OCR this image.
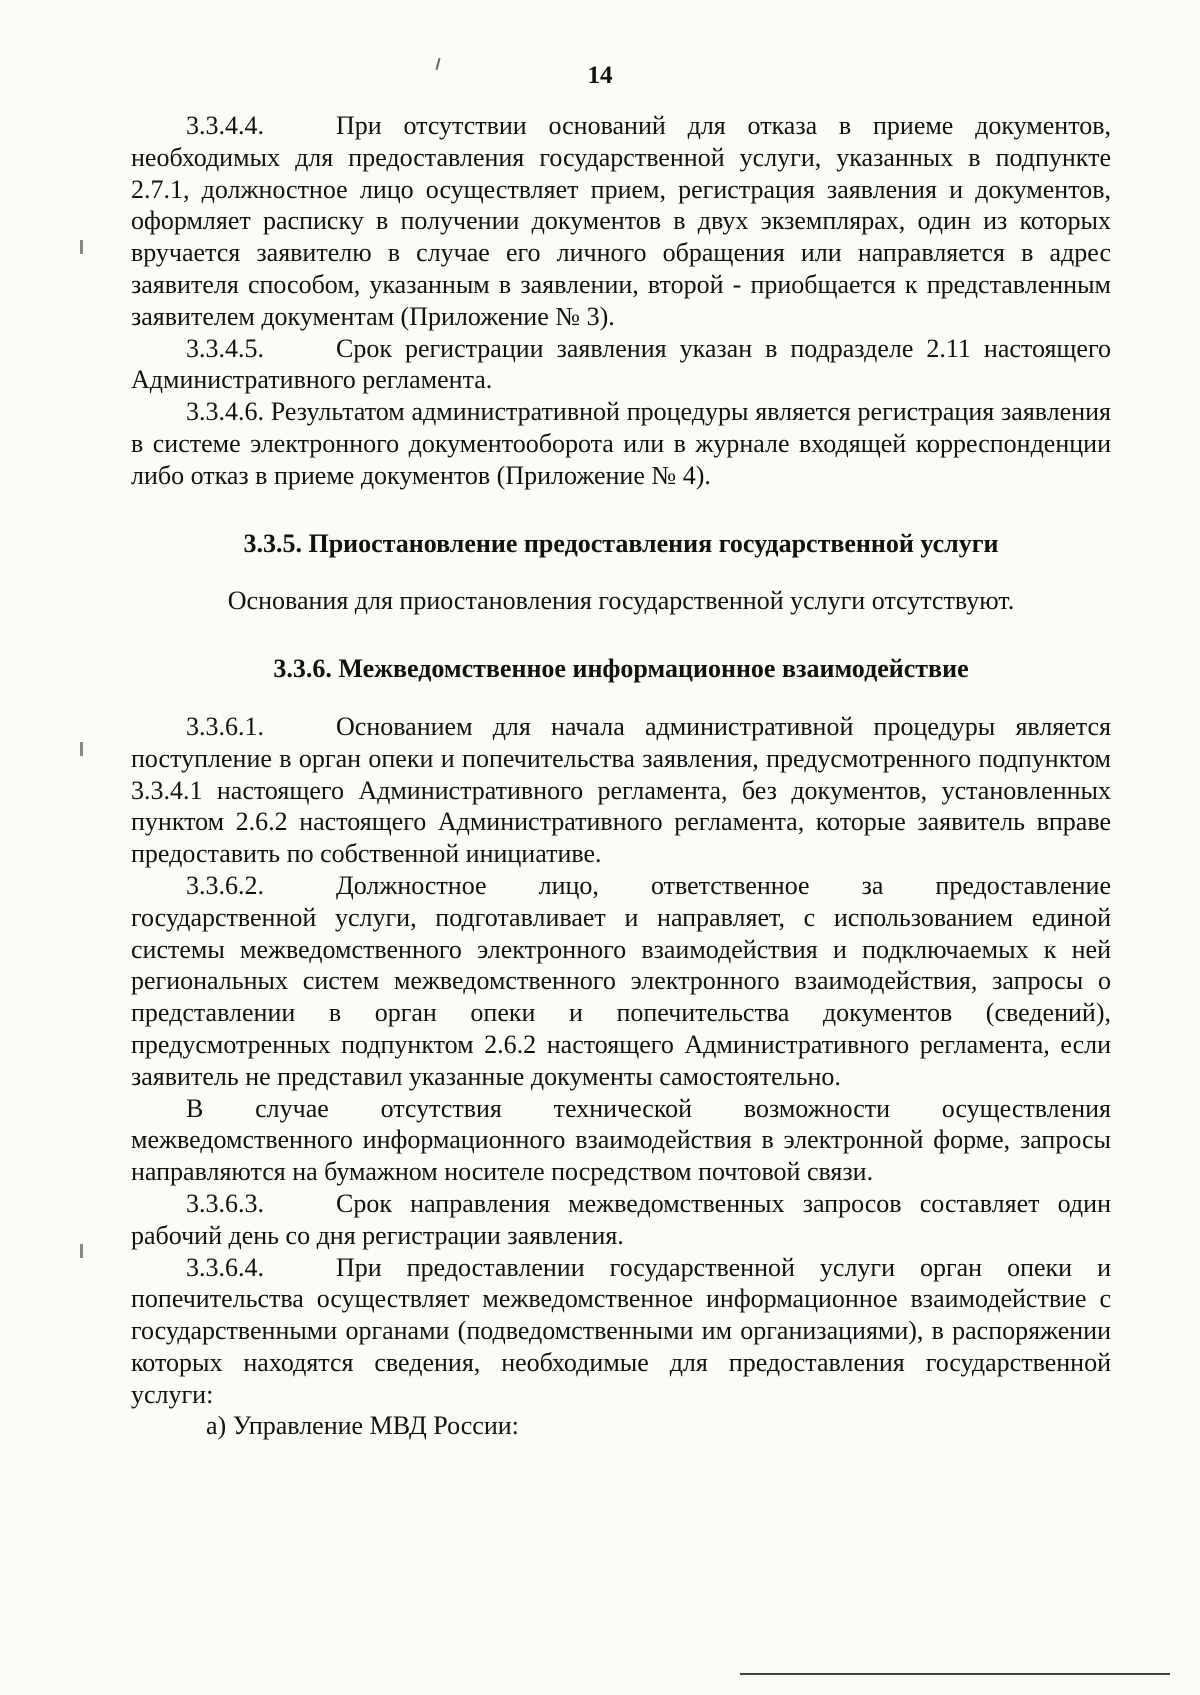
14

3.3.4.4.	При отсутствии оснований для отказа в приеме документов, необходимых для предоставления государственной услуги, указанных в подпункте 2.7.1, должностное лицо осуществляет прием, регистрация заявления и документов, оформляет расписку в получении документов в двух экземплярах, один из которых вручается заявителю в случае его личного обращения или направляется в адрес заявителя способом, указанным в заявлении, второй - приобщается к представленным заявителем документам (Приложение № 3).

3.3.4.5.	Срок регистрации заявления указан в подразделе 2.11 настоящего Административного регламента.

3.3.4.6. Результатом административной процедуры является регистрация заявления в системе электронного документооборота или в журнале входящей корреспонденции либо отказ в приеме документов (Приложение № 4).

3.3.5. Приостановление предоставления государственной услуги

Основания для приостановления государственной услуги отсутствуют.

3.3.6. Межведомственное информационное взаимодействие

3.3.6.1.	Основанием для начала административной процедуры является поступление в орган опеки и попечительства заявления, предусмотренного подпунктом 3.3.4.1 настоящего Административного регламента, без документов, установленных пунктом 2.6.2 настоящего Административного регламента, которые заявитель вправе предоставить по собственной инициативе.

3.3.6.2.	Должностное лицо, ответственное за предоставление государственной услуги, подготавливает и направляет, с использованием единой системы межведомственного электронного взаимодействия и подключаемых к ней региональных систем межведомственного электронного взаимодействия, запросы о представлении в орган опеки и попечительства документов (сведений), предусмотренных подпунктом 2.6.2 настоящего Административного регламента, если заявитель не представил указанные документы самостоятельно.

В случае отсутствия технической возможности осуществления межведомственного информационного взаимодействия в электронной форме, запросы направляются на бумажном носителе посредством почтовой связи.

3.3.6.3.	Срок направления межведомственных запросов составляет один рабочий день со дня регистрации заявления.

3.3.6.4.	При предоставлении государственной услуги орган опеки и попечительства осуществляет межведомственное информационное взаимодействие с государственными органами (подведомственными им организациями), в распоряжении которых находятся сведения, необходимые для предоставления государственной услуги:

а) Управление МВД России:
